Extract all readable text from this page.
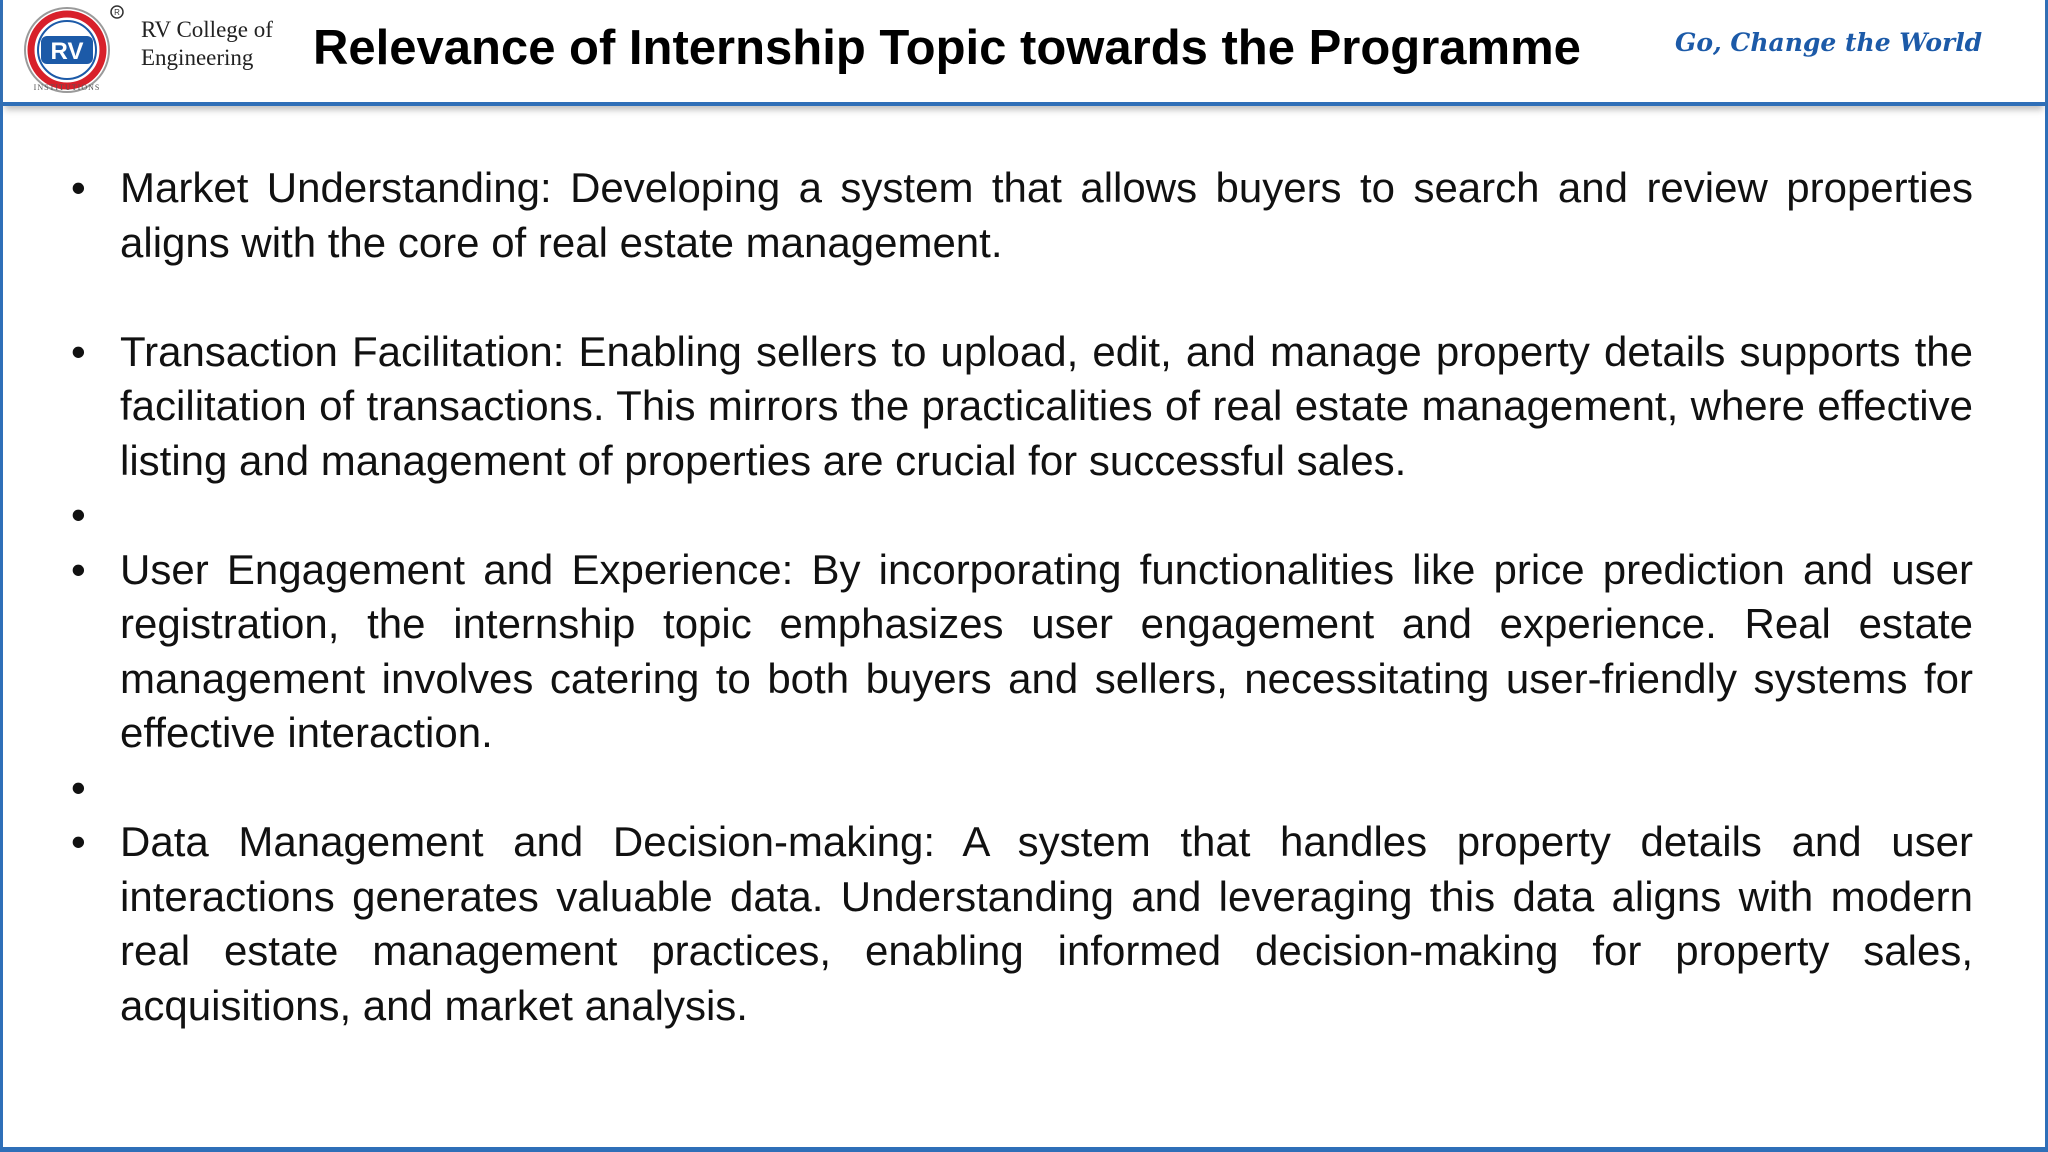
RV
INSTITUTIONS
R
RV College of Engineering	Relevance of Internship Topic towards the Programme	Go, Change the World
• Market Understanding: Developing a system that allows buyers to search and review properties aligns with the core of real estate management.
• Transaction Facilitation: Enabling sellers to upload, edit, and manage property details supports the facilitation of transactions. This mirrors the practicalities of real estate management, where effective listing and management of properties are crucial for successful sales.
•
• User Engagement and Experience: By incorporating functionalities like price prediction and user registration, the internship topic emphasizes user engagement and experience. Real estate management involves catering to both buyers and sellers, necessitating user-friendly systems for effective interaction.
•
• Data Management and Decision-making: A system that handles property details and user interactions generates valuable data. Understanding and leveraging this data aligns with modern real estate management practices, enabling informed decision-making for property sales, acquisitions, and market analysis.
